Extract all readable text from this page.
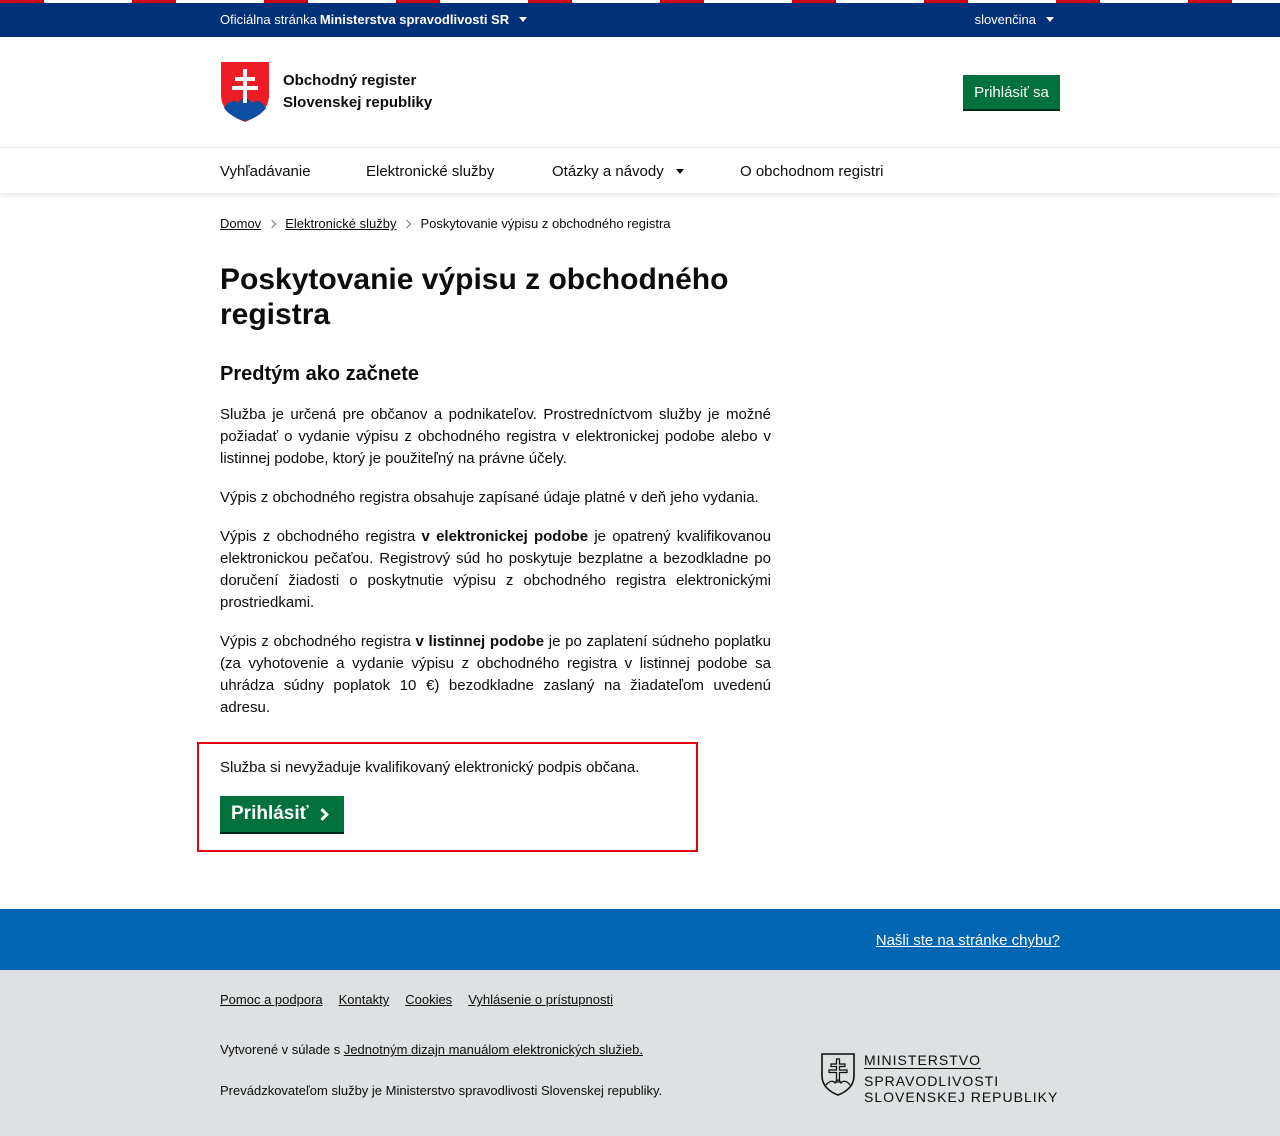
Oficiálna stránka Ministerstva spravodlivosti SR	slovenčina
Obchodný register
Slovenskej republiky
Prihlásiť sa
Vyhľadávanie	Elektronické služby	Otázky a návody	O obchodnom registri
Domov Elektronické služby Poskytovanie výpisu z obchodného registra
Poskytovanie výpisu z obchodného
registra
Predtým ako začnete

Služba je určená pre občanov a podnikateľov. Prostredníctvom služby je možné požiadať o vydanie výpisu z obchodného registra v elektronickej podobe alebo v listinnej podobe, ktorý je použiteľný na právne účely.

Výpis z obchodného registra obsahuje zapísané údaje platné v deň jeho vydania.

Výpis z obchodného registra v elektronickej podobe je opatrený kvalifikovanou elektronickou pečaťou. Registrový súd ho poskytuje bezplatne a bezodkladne po doručení žiadosti o poskytnutie výpisu z obchodného registra elektronickými prostriedkami.

Výpis z obchodného registra v listinnej podobe je po zaplatení súdneho poplatku (za vyhotovenie a vydanie výpisu z obchodného registra v listinnej podobe sa uhrádza súdny poplatok 10 €) bezodkladne zaslaný na žiadateľom uvedenú adresu.

Služba si nevyžaduje kvalifikovaný elektronický podpis občana.
Prihlásiť
Našli ste na stránke chybu?
Pomoc a podpora Kontakty Cookies Vyhlásenie o prístupnosti
Vytvorené v súlade s Jednotným dizajn manuálom elektronických služieb.
Prevádzkovateľom služby je Ministerstvo spravodlivosti Slovenskej republiky.
MINISTERSTVO
SPRAVODLIVOSTI
SLOVENSKEJ REPUBLIKY
